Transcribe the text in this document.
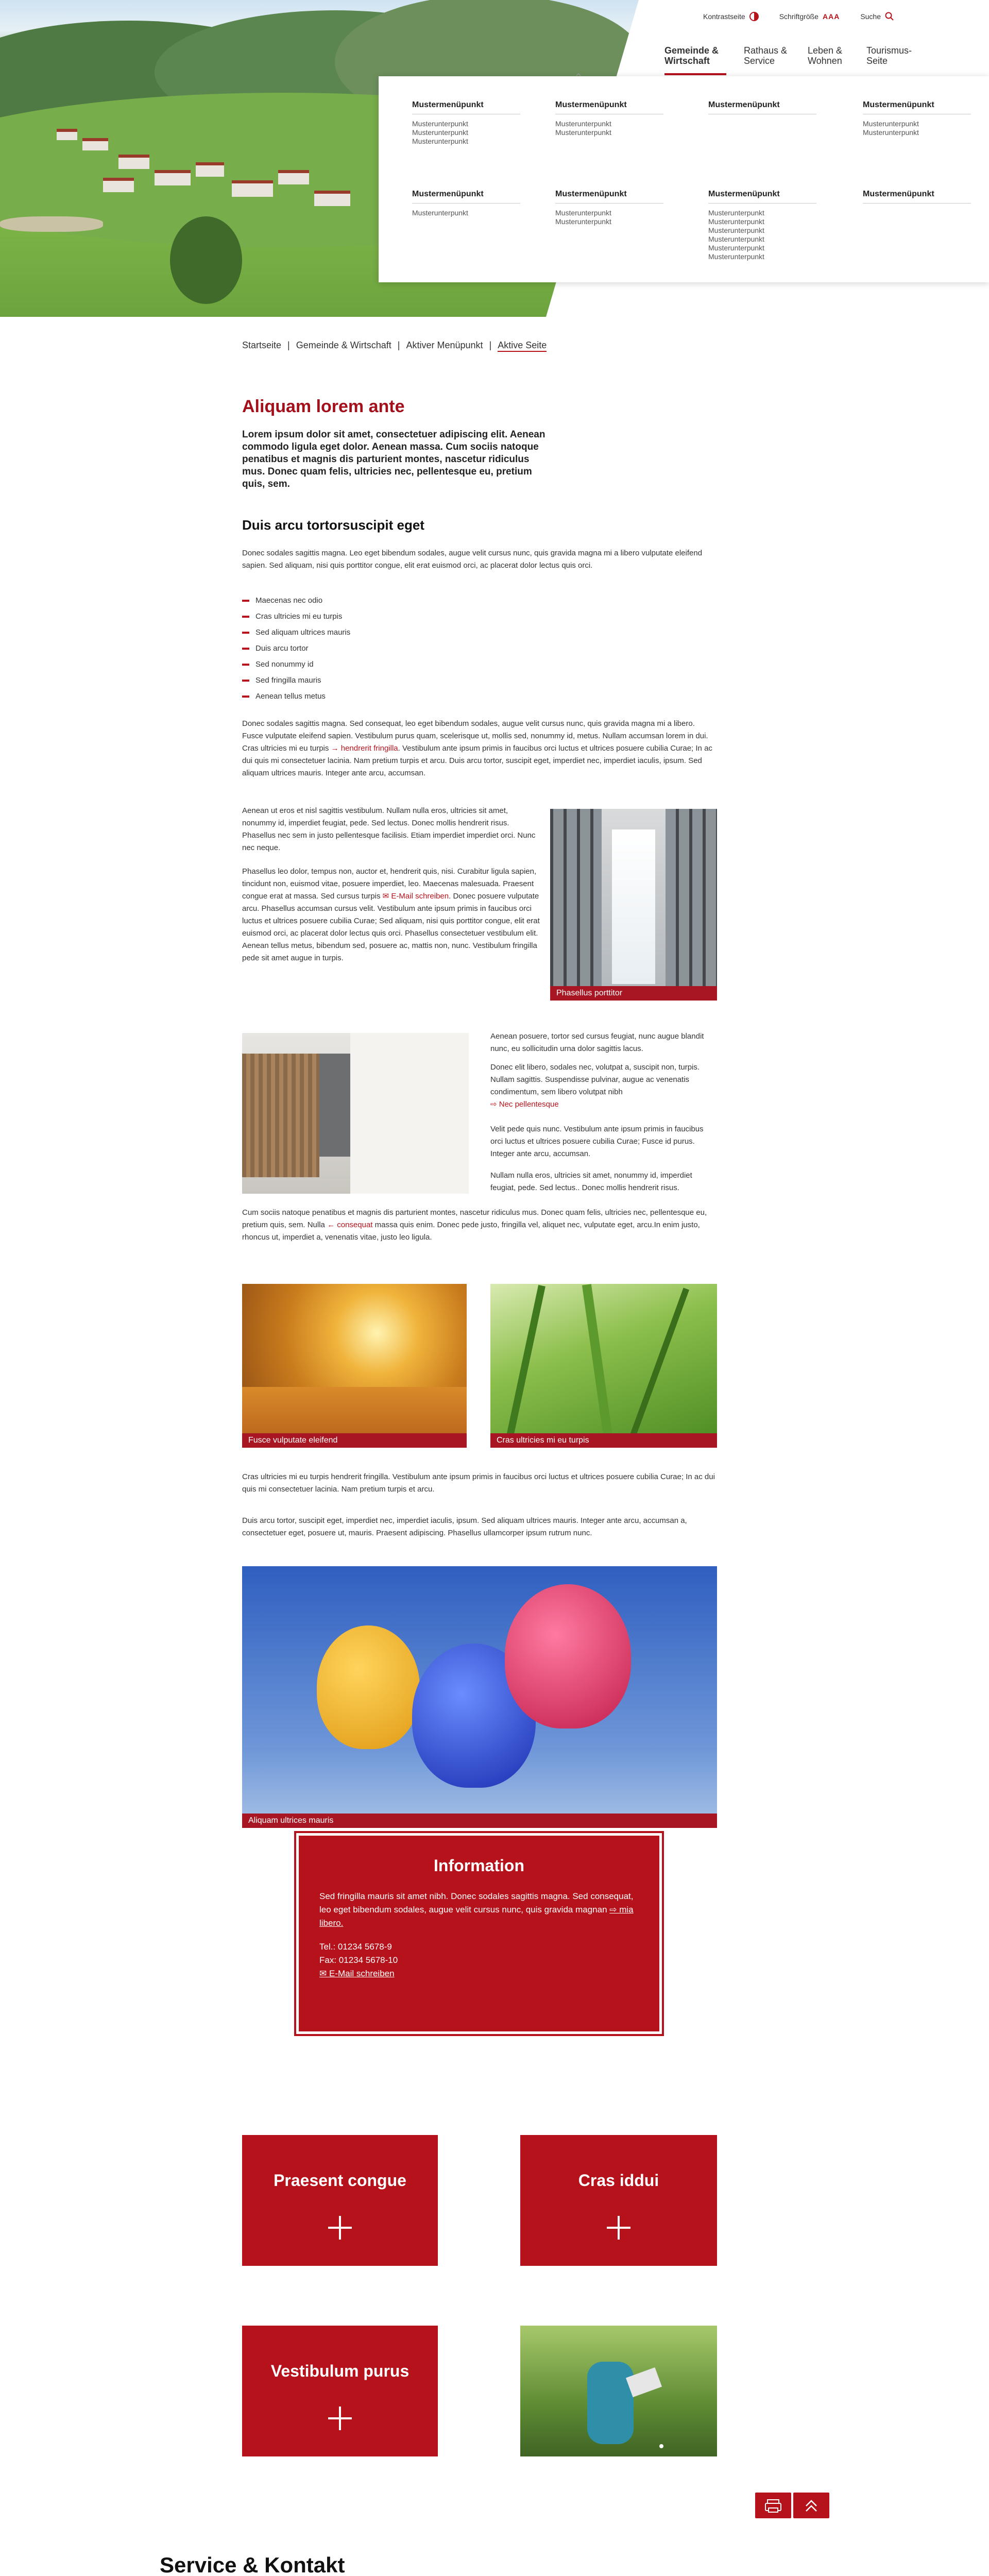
Kontrastseite	Schriftgröße AAA	Suche
Gemeinde & Wirtschaft
Rathaus & Service
Leben & Wohnen
Tourismus-Seite
Mustermenüpunkt
Musterunterpunkt
Musterunterpunkt
Musterunterpunkt
Mustermenüpunkt
Musterunterpunkt
Musterunterpunkt
Mustermenüpunkt	Mustermenüpunkt
Musterunterpunkt
Musterunterpunkt
Mustermenüpunkt
Musterunterpunkt
Mustermenüpunkt
Musterunterpunkt
Musterunterpunkt
Mustermenüpunkt
Musterunterpunkt
Musterunterpunkt
Musterunterpunkt
Musterunterpunkt
Musterunterpunkt
Musterunterpunkt
Mustermenüpunkt
Startseite | Gemeinde & Wirtschaft | Aktiver Menüpunkt | Aktive Seite
Aliquam lorem ante

Lorem ipsum dolor sit amet, consectetuer adipiscing elit. Aenean commodo ligula eget dolor. Aenean massa. Cum sociis natoque penatibus et magnis dis parturient montes, nascetur ridiculus mus. Donec quam felis, ultricies nec, pellentesque eu, pretium quis, sem.

Duis arcu tortorsuscipit eget

Donec sodales sagittis magna. Leo eget bibendum sodales, augue velit cursus nunc, quis gravida magna mi a libero vulputate eleifend sapien. Sed aliquam, nisi quis porttitor congue, elit erat euismod orci, ac placerat dolor lectus quis orci.

Maecenas nec odio
Cras ultricies mi eu turpis
Sed aliquam ultrices mauris
Duis arcu tortor
Sed nonummy id
Sed fringilla mauris
Aenean tellus metus

Donec sodales sagittis magna. Sed consequat, leo eget bibendum sodales, augue velit cursus nunc, quis gravida magna mi a libero. Fusce vulputate eleifend sapien. Vestibulum purus quam, scelerisque ut, mollis sed, nonummy id, metus. Nullam accumsan lorem in dui. Cras ultricies mi eu turpis → hendrerit fringilla. Vestibulum ante ipsum primis in faucibus orci luctus et ultrices posuere cubilia Curae; In ac dui quis mi consectetuer lacinia. Nam pretium turpis et arcu. Duis arcu tortor, suscipit eget, imperdiet nec, imperdiet iaculis, ipsum. Sed aliquam ultrices mauris. Integer ante arcu, accumsan.

Aenean ut eros et nisl sagittis vestibulum. Nullam nulla eros, ultricies sit amet, nonummy id, imperdiet feugiat, pede. Sed lectus. Donec mollis hendrerit risus. Phasellus nec sem in justo pellentesque facilisis. Etiam imperdiet imperdiet orci. Nunc nec neque.

Phasellus leo dolor, tempus non, auctor et, hendrerit quis, nisi. Curabitur ligula sapien, tincidunt non, euismod vitae, posuere imperdiet, leo. Maecenas malesuada. Praesent congue erat at massa. Sed cursus turpis ✉ E-Mail schreiben. Donec posuere vulputate arcu. Phasellus accumsan cursus velit. Vestibulum ante ipsum primis in faucibus orci luctus et ultrices posuere cubilia Curae; Sed aliquam, nisi quis porttitor congue, elit erat euismod orci, ac placerat dolor lectus quis orci. Phasellus consectetuer vestibulum elit. Aenean tellus metus, bibendum sed, posuere ac, mattis non, nunc. Vestibulum fringilla pede sit amet augue in turpis.

Phasellus porttitor

Aenean posuere, tortor sed cursus feugiat, nunc augue blandit nunc, eu sollicitudin urna dolor sagittis lacus.

Donec elit libero, sodales nec, volutpat a, suscipit non, turpis. Nullam sagittis. Suspendisse pulvinar, augue ac venenatis condimentum, sem libero volutpat nibh
⇨ Nec pellentesque

Velit pede quis nunc. Vestibulum ante ipsum primis in faucibus orci luctus et ultrices posuere cubilia Curae; Fusce id purus. Integer ante arcu, accumsan.

Nullam nulla eros, ultricies sit amet, nonummy id, imperdiet feugiat, pede. Sed lectus.. Donec mollis hendrerit risus.

Cum sociis natoque penatibus et magnis dis parturient montes, nascetur ridiculus mus. Donec quam felis, ultricies nec, pellentesque eu, pretium quis, sem. Nulla ← consequat massa quis enim. Donec pede justo, fringilla vel, aliquet nec, vulputate eget, arcu.In enim justo, rhoncus ut, imperdiet a, venenatis vitae, justo leo ligula.

Fusce vulputate eleifend	Cras ultricies mi eu turpis

Cras ultricies mi eu turpis hendrerit fringilla. Vestibulum ante ipsum primis in faucibus orci luctus et ultrices posuere cubilia Curae; In ac dui quis mi consectetuer lacinia. Nam pretium turpis et arcu.

Duis arcu tortor, suscipit eget, imperdiet nec, imperdiet iaculis, ipsum. Sed aliquam ultrices mauris. Integer ante arcu, accumsan a, consectetuer eget, posuere ut, mauris. Praesent adipiscing. Phasellus ullamcorper ipsum rutrum nunc.

Aliquam ultrices mauris
Information

Sed fringilla mauris sit amet nibh. Donec sodales sagittis magna. Sed consequat, leo eget bibendum sodales, augue velit cursus nunc, quis gravida magnan ⇨ mia libero.

Tel.: 01234 5678-9
Fax: 01234 5678-10
✉ E-Mail schreiben

Praesent congue	Cras iddui
Vestibulum purus
Service & Kontakt
